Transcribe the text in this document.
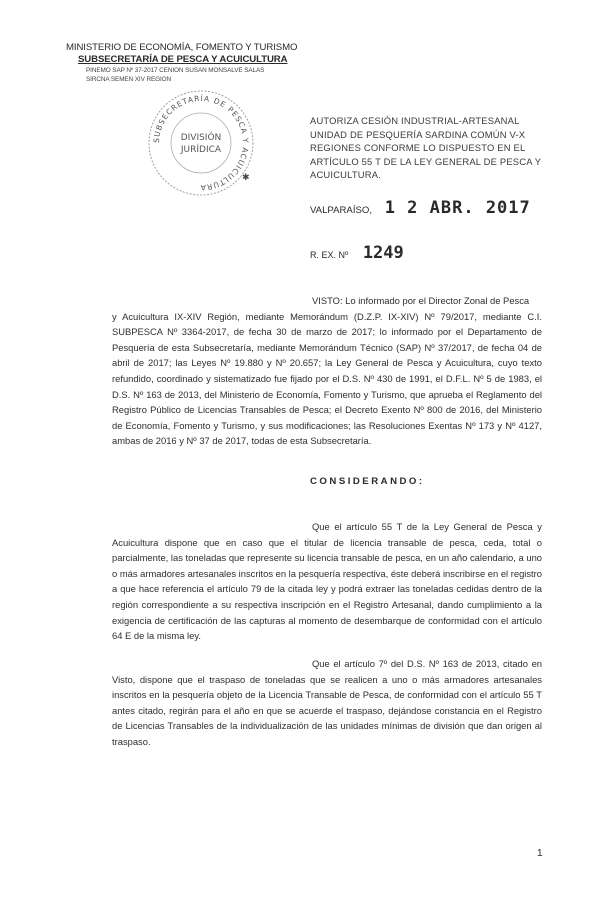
MINISTERIO DE ECONOMÍA, FOMENTO Y TURISMO
SUBSECRETARÍA DE PESCA Y ACUICULTURA
PINEMO SAP Nº 37-2017 CENION SUSAN MONSALVE SALAS
SIRCNA SEMEN XIV REGION
SUBSECRETARÍA DE PESCA Y ACUICULTURA
DIVISIÓN
JURÍDICA
✱
AUTORIZA CESIÓN INDUSTRIAL-ARTESANAL UNIDAD DE PESQUERÍA SARDINA COMÚN V-X REGIONES CONFORME LO DISPUESTO EN EL ARTÍCULO 55 T DE LA LEY GENERAL DE PESCA Y ACUICULTURA.
VALPARAÍSO, 1 2 ABR. 2017
R. EX. Nº 1249
VISTO: Lo informado por el Director Zonal de Pesca
y Acuicultura IX-XIV Región, mediante Memorándum (D.Z.P. IX-XIV) Nº 79/2017, mediante C.I. SUBPESCA Nº 3364-2017, de fecha 30 de marzo de 2017; lo informado por el Departamento de Pesquería de esta Subsecretaría, mediante Memorándum Técnico (SAP) Nº 37/2017, de fecha 04 de abril de 2017; las Leyes Nº 19.880 y Nº 20.657; la Ley General de Pesca y Acuicultura, cuyo texto refundido, coordinado y sistematizado fue fijado por el D.S. Nº 430 de 1991, el D.F.L. Nº 5 de 1983, el D.S. Nº 163 de 2013, del Ministerio de Economía, Fomento y Turismo, que aprueba el Reglamento del Registro Público de Licencias Transables de Pesca; el Decreto Exento Nº 800 de 2016, del Ministerio de Economía, Fomento y Turismo, y sus modificaciones; las Resoluciones Exentas Nº 173 y Nº 4127, ambas de 2016 y Nº 37 de 2017, todas de esta Subsecretaría.
CONSIDERANDO:
Que el artículo 55 T de la Ley General de Pesca y Acuicultura dispone que en caso que el titular de licencia transable de pesca, ceda, total o parcialmente, las toneladas que represente su licencia transable de pesca, en un año calendario, a uno o más armadores artesanales inscritos en la pesquería respectiva, éste deberá inscribirse en el registro a que hace referencia el artículo 79 de la citada ley y podrá extraer las toneladas cedidas dentro de la región correspondiente a su respectiva inscripción en el Registro Artesanal, dando cumplimiento a la exigencia de certificación de las capturas al momento de desembarque de conformidad con el artículo 64 E de la misma ley.
Que el artículo 7º del D.S. Nº 163 de 2013, citado en Visto, dispone que el traspaso de toneladas que se realicen a uno o más armadores artesanales inscritos en la pesquería objeto de la Licencia Transable de Pesca, de conformidad con el artículo 55 T antes citado, regirán para el año en que se acuerde el traspaso, dejándose constancia en el Registro de Licencias Transables de la individualización de las unidades mínimas de división que dan origen al traspaso.
1
